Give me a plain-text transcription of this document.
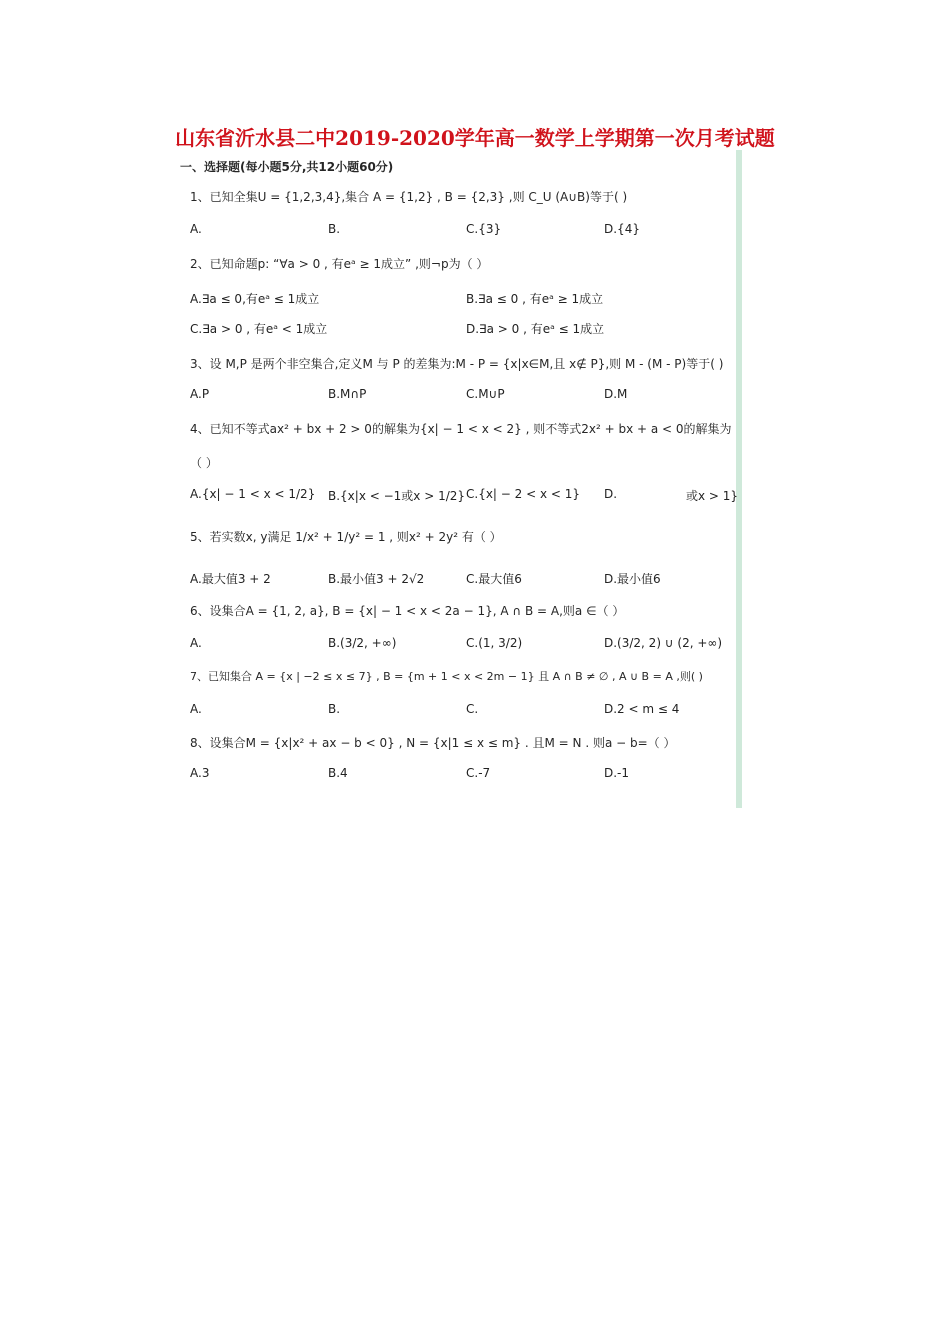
山东省沂水县二中2019-2020学年高一数学上学期第一次月考试题
一、选择题(每小题5分,共12小题60分)
1、已知全集U = {1,2,3,4},集合 A = {1,2} , B = {2,3} ,则 C_U (A∪B)等于( )
A.	B.	C.{3}	D.{4}
2、已知命题p: “∀a > 0 , 有eᵃ ≥ 1成立” ,则¬p为（ ）
A.∃a ≤ 0,有eᵃ ≤ 1成立	B.∃a ≤ 0 , 有eᵃ ≥ 1成立
C.∃a > 0 , 有eᵃ < 1成立	D.∃a > 0 , 有eᵃ ≤ 1成立
3、设 M,P 是两个非空集合,定义M 与 P 的差集为:M - P = {x|x∈M,且 x∉ P},则 M - (M - P)等于( )
A.P	B.M∩P	C.M∪P	D.M
4、已知不等式ax² + bx + 2 > 0的解集为{x| − 1 < x < 2} , 则不等式2x² + bx + a < 0的解集为
（ ）
A.{x| − 1 < x < 1/2} B.{x|x < −1或x > 1/2} C.{x| − 2 < x < 1} D.	或x > 1}
5、若实数x, y满足 1/x² + 1/y² = 1 , 则x² + 2y² 有（ ）
A.最大值3 + 2	B.最小值3 + 2√2	C.最大值6	D.最小值6
6、设集合A = {1, 2, a}, B = {x| − 1 < x < 2a − 1}, A ∩ B = A,则a ∈（ ）
A.	B.(3/2, +∞)	C.(1, 3/2)	D.(3/2, 2) ∪ (2, +∞)
7、已知集合 A = {x | −2 ≤ x ≤ 7} , B = {m + 1 < x < 2m − 1} 且 A ∩ B ≠ ∅ , A ∪ B = A ,则( )
A.	B.	C.	D.2 < m ≤ 4
8、设集合M = {x|x² + ax − b < 0} , N = {x|1 ≤ x ≤ m} . 且M = N . 则a − b=（ ）
A.3	B.4	C.-7	D.-1
